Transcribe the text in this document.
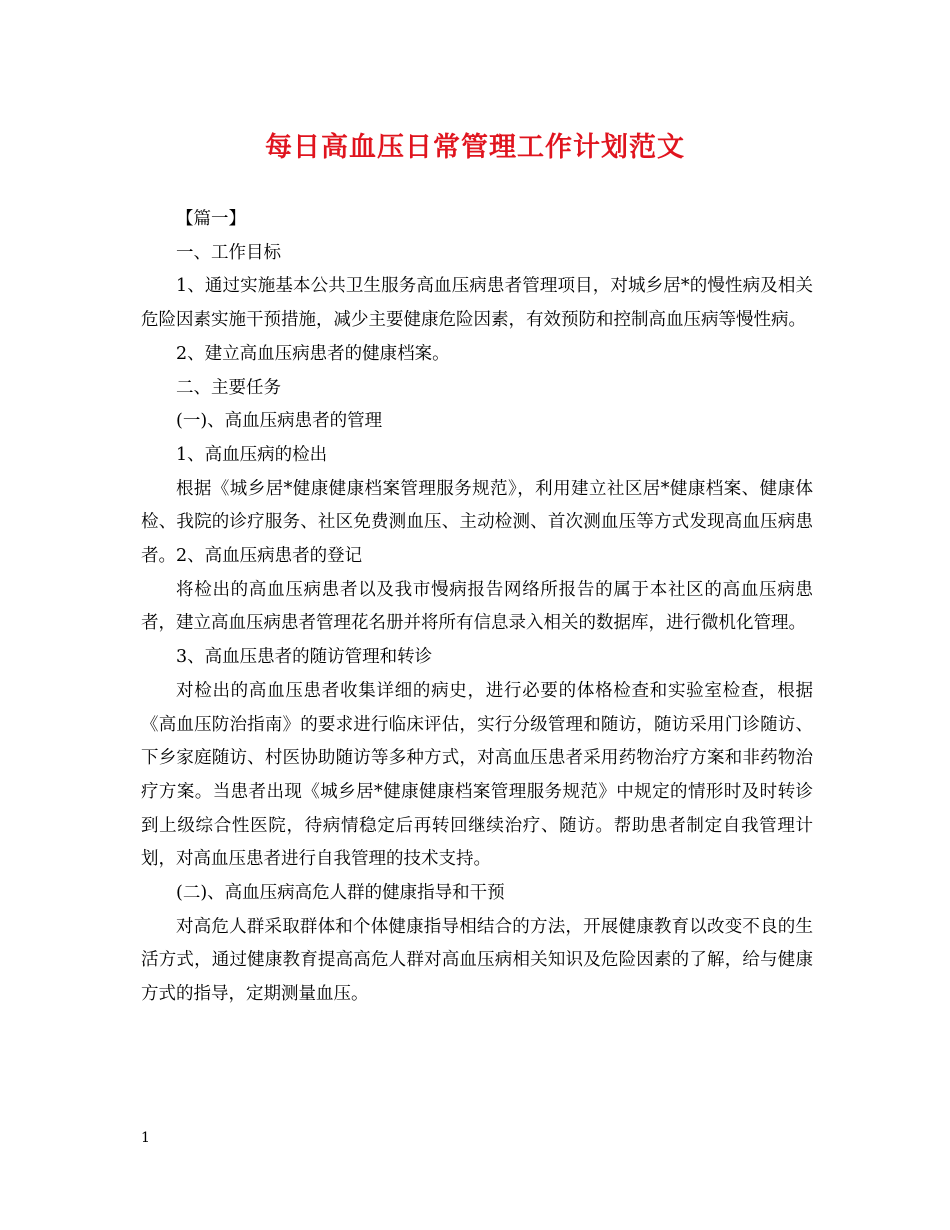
每日高血压日常管理工作计划范文

【篇一】

一、工作目标

1、通过实施基本公共卫生服务高血压病患者管理项目，对城乡居*的慢性病及相关危险因素实施干预措施，减少主要健康危险因素，有效预防和控制高血压病等慢性病。

2、建立高血压病患者的健康档案。

二、主要任务

(一)、高血压病患者的管理

1、高血压病的检出

根据《城乡居*健康健康档案管理服务规范》，利用建立社区居*健康档案、健康体检、我院的诊疗服务、社区免费测血压、主动检测、首次测血压等方式发现高血压病患者。2、高血压病患者的登记

将检出的高血压病患者以及我市慢病报告网络所报告的属于本社区的高血压病患者，建立高血压病患者管理花名册并将所有信息录入相关的数据库，进行微机化管理。

3、高血压患者的随访管理和转诊

对检出的高血压患者收集详细的病史，进行必要的体格检查和实验室检查，根据《高血压防治指南》的要求进行临床评估，实行分级管理和随访，随访采用门诊随访、下乡家庭随访、村医协助随访等多种方式，对高血压患者采用药物治疗方案和非药物治疗方案。当患者出现《城乡居*健康健康档案管理服务规范》中规定的情形时及时转诊到上级综合性医院，待病情稳定后再转回继续治疗、随访。帮助患者制定自我管理计划，对高血压患者进行自我管理的技术支持。

(二)、高血压病高危人群的健康指导和干预

对高危人群采取群体和个体健康指导相结合的方法，开展健康教育以改变不良的生活方式，通过健康教育提高高危人群对高血压病相关知识及危险因素的了解，给与健康方式的指导，定期测量血压。

1
